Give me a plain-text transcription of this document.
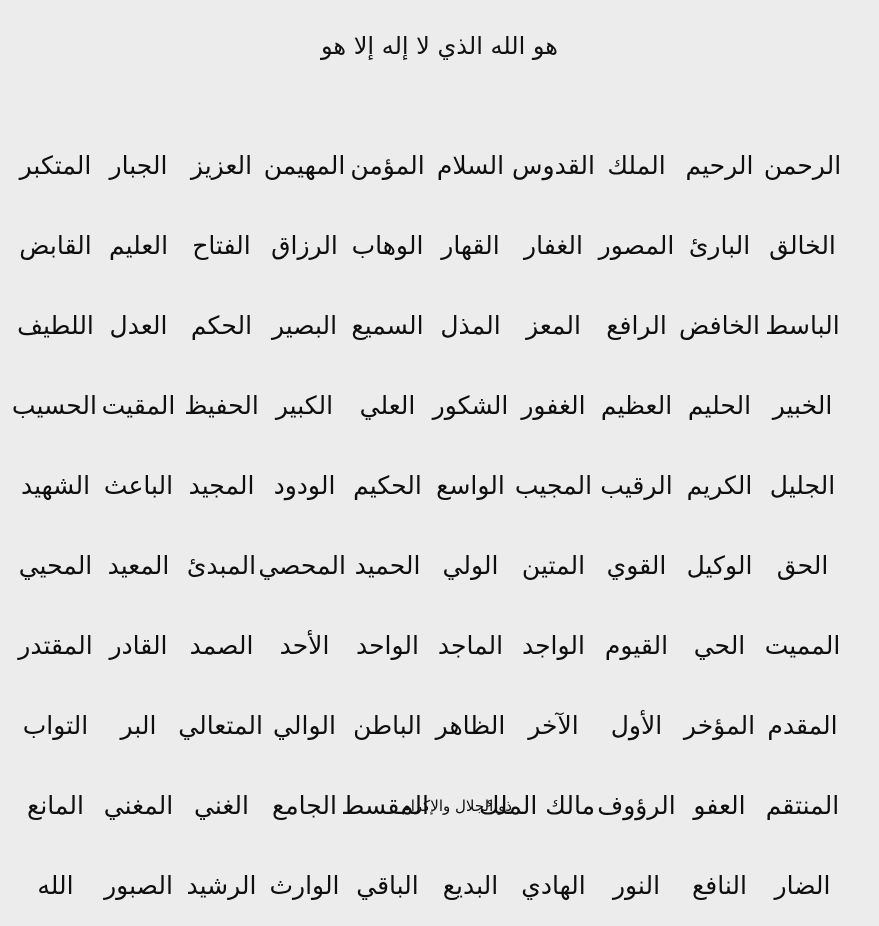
هو الله الذي لا إله إلا هو
الرحمن
الرحيم
الملك
القدوس
السلام
المؤمن
المهيمن
العزيز
الجبار
المتكبر
الخالق
البارئ
المصور
الغفار
القهار
الوهاب
الرزاق
الفتاح
العليم
القابض
الباسط
الخافض
الرافع
المعز
المذل
السميع
البصير
الحكم
العدل
اللطيف
الخبير
الحليم
العظيم
الغفور
الشكور
العلي
الكبير
الحفيظ
المقيت
الحسيب
الجليل
الكريم
الرقيب
المجيب
الواسع
الحكيم
الودود
المجيد
الباعث
الشهيد
الحق
الوكيل
القوي
المتين
الولي
الحميد
المحصي
المبدئ
المعيد
المحيي
المميت
الحي
القيوم
الواجد
الماجد
الواحد
الأحد
الصمد
القادر
المقتدر
المقدم
المؤخر
الأول
الآخر
الظاهر
الباطن
الوالي
المتعالي
البر
التواب
المنتقم
العفو
الرؤوف
مالك الملك
ذو الجلال والإكرام
المقسط
الجامع
الغني
المغني
المانع
الضار
النافع
النور
الهادي
البديع
الباقي
الوارث
الرشيد
الصبور
الله
